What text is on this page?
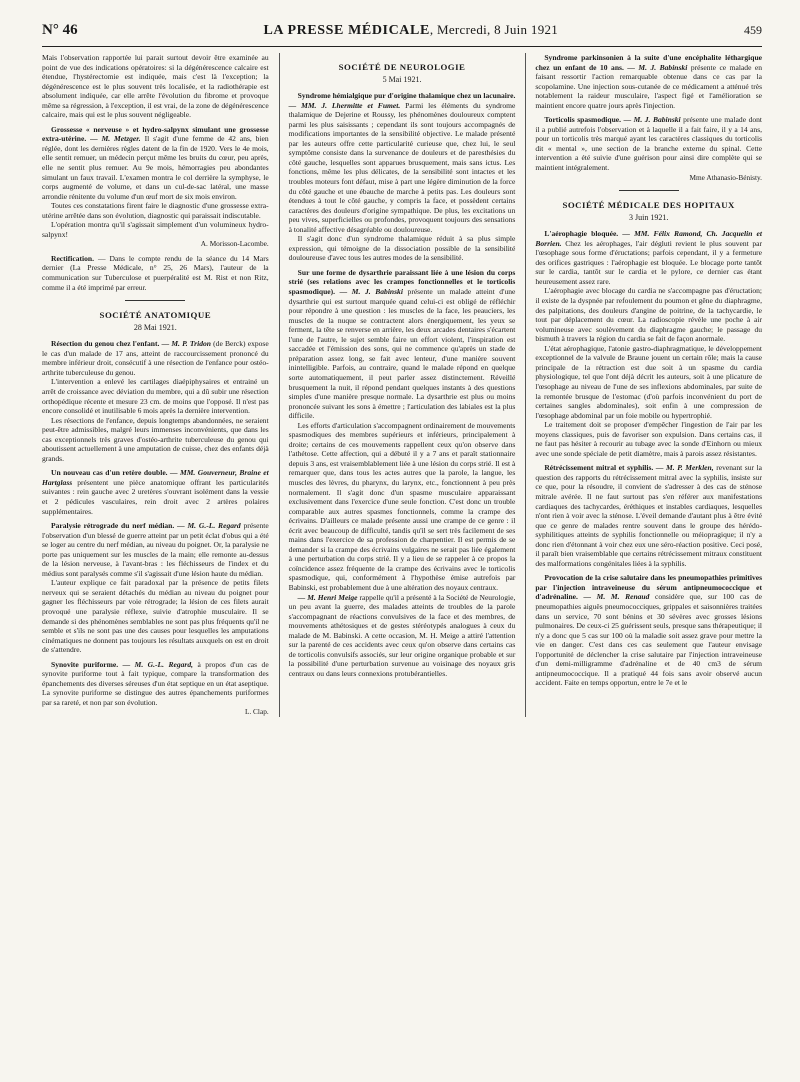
N° 46	LA PRESSE MÉDICALE, Mercredi, 8 Juin 1921	459

Mais l'observation rapportée lui parait surtout devoir être examinée au point de vue des indications opératoires: si la dégénérescence calcaire est étendue, l'hystérectomie est indiquée, mais c'est là l'exception; la dégénérescence est le plus souvent très localisée, et la radiothérapie est absolument indiquée, car elle arrête l'évolution du fibrome et provoque même sa régression, à l'exception, il est vrai, de la zone de dégénérescence calcaire, mais qui est le plus souvent négligeable.

Grossesse « nerveuse » et hydro-salpynx simulant une grossesse extra-utérine. — M. Metzger. Il s'agit d'une femme de 42 ans, bien réglée, dont les dernières règles datent de la fin de 1920. Vers le 4e mois, elle sentit remuer, un médecin perçut même les bruits du cœur, peu après, elle ne sentit plus remuer. Au 9e mois, hémorragies peu abondantes simulant un faux travail. L'examen montra le col derrière la symphyse, le corps augmenté de volume, et dans un cul-de-sac latéral, une masse arrondie rénitente du volume d'un œuf mort de six mois environ.

Toutes ces constatations firent faire le diagnostic d'une grossesse extra-utérine arrêtée dans son évolution, diagnostic qui paraissait indiscutable.

L'opération montra qu'il s'agissait simplement d'un volumineux hydro-salpynx!

A. Morisson-Lacombe.

Rectification. — Dans le compte rendu de la séance du 14 Mars dernier (La Presse Médicale, n° 25, 26 Mars), l'auteur de la communication sur Tuberculose et puerpéralité est M. Rist et non Ritz, comme il a été imprimé par erreur.

SOCIÉTÉ ANATOMIQUE
28 Mai 1921.

Résection du genou chez l'enfant. — M. P. Tridon (de Berck) expose le cas d'un malade de 17 ans, atteint de raccourcissement prononcé du membre inférieur droit, consécutif à une résection de l'enfance pour ostéo-arthrite tuberculeuse du genou.

L'intervention a enlevé les cartilages diaépiphysaires et entrainé un arrêt de croissance avec déviation du membre, qui a dû subir une résection orthopédique récente et mesure 23 cm. de moins que l'opposé. Il n'est pas encore consolidé et inutilisable 6 mois après la dernière intervention.

Les résections de l'enfance, depuis longtemps abandonnées, ne seraient peut-être admissibles, malgré leurs immenses inconvénients, que dans les cas exceptionnels très graves d'ostéo-arthrite tuberculeuse du genou qui aboutissent actuellement à une amputation de cuisse, chez des enfants déjà grands.

Un nouveau cas d'un retère double. — MM. Gouverneur, Braine et Hartglass présentent une pièce anatomique offrant les particularités suivantes : rein gauche avec 2 uretères s'ouvrant isolément dans la vessie et 2 pédicules vasculaires, rein droit avec 2 artères polaires supplémentaires.

Paralysie rétrograde du nerf médian. — M. G.-L. Regard présente l'observation d'un blessé de guerre atteint par un petit éclat d'obus qui a été se loger au centre du nerf médian, au niveau du poignet. Or, la paralysie ne porte pas uniquement sur les muscles de la main; elle remonte au-dessus de la lésion nerveuse, à l'avant-bras : les fléchisseurs de l'index et du médius sont paralysés comme s'il s'agissait d'une lésion haute du médian.

L'auteur explique ce fait paradoxal par la présence de petits filets nerveux qui se seraient détachés du médian au niveau du poignet pour gagner les fléchisseurs par voie rétrograde; la lésion de ces filets aurait provoqué une paralysie réflexe, suivie d'atrophie musculaire. Il se demande si des phénomènes semblables ne sont pas plus fréquents qu'il ne semble et s'ils ne sont pas une des causes pour lesquelles les amputations cinématiques ne donnent pas toujours les résultats auxquels on est en droit de s'attendre.

Synovite puriforme. — M. G.-L. Regard, à propos d'un cas de synovite puriforme tout à fait typique, compare la transformation des épanchements des diverses séreuses d'un état septique en un état aseptique. La synovite puriforme se distingue des autres épanchements puriformes par sa rareté, et non par son évolution.

L. Clap.

SOCIÉTÉ DE NEUROLOGIE
5 Mai 1921.

Syndrome hémialgique pur d'origine thalamique chez un lacunaire. — MM. J. Lhermitte et Fumet. Parmi les éléments du syndrome thalamique de Dejerine et Roussy, les phénomènes douloureux comptent parmi les plus saisissants ; cependant ils sont toujours accompagnés de modifications importantes de la sensibilité objective. Le malade présenté par les auteurs offre cette particularité curieuse que, chez lui, le seul symptôme consiste dans la survenance de douleurs et de paresthésies du côté gauche, lesquelles sont apparues brusquement, mais sans ictus. Les fonctions, même les plus délicates, de la sensibilité sont intactes et les troubles moteurs font défaut, mise à part une légère diminution de la force du côté gauche et une ébauche de marche à petits pas. Les douleurs sont étendues à tout le côté gauche, y compris la face, et possèdent certains caractères des douleurs d'origine sympathique. De plus, les excitations un peu vives, superficielles ou profondes, provoquent toujours des sensations à tonalité affective désagréable ou douloureuse.

Il s'agit donc d'un syndrome thalamique réduit à sa plus simple expression, qui témoigne de la dissociation possible de la sensibilité douloureuse d'avec tous les autres modes de la sensibilité.

Sur une forme de dysarthrie paraissant liée à une lésion du corps strié (ses relations avec les crampes fonctionnelles et le torticolis spasmodique). — M. J. Babinski présente un malade atteint d'une dysarthrie qui est surtout marquée quand celui-ci est obligé de réfléchir pour répondre à une question : les muscles de la face, les peauciers, les muscles de la nuque se contractent alors énergiquement, les yeux se ferment, la tête se renverse en arrière, les deux arcades dentaires s'écartent l'une de l'autre, le sujet semble faire un effort violent, l'inspiration est saccadée et l'émission des sons, qui ne commence qu'après un stade de préparation assez long, se fait avec lenteur, d'une manière souvent inintelligible. Parfois, au contraire, quand le malade répond en quelque sorte automatiquement, il peut parler assez distinctement. Réveillé brusquement la nuit, il répond pendant quelques instants à des questions simples d'une manière presque normale. La dysarthrie est plus ou moins prononcée suivant les sons à émettre ; l'articulation des labiales est la plus difficile.

Les efforts d'articulation s'accompagnent ordinairement de mouvements spasmodiques des membres supérieurs et inférieurs, principalement à droite; certains de ces mouvements rappellent ceux qu'on observe dans l'athétose. Cette affection, qui a débuté il y a 7 ans et paraît stationnaire depuis 3 ans, est vraisemblablement liée à une lésion du corps strié. Il est à remarquer que, dans tous les actes autres que la parole, la langue, les muscles des lèvres, du pharynx, du larynx, etc., fonctionnent à peu près normalement. Il s'agit donc d'un spasme musculaire apparaissant exclusivement dans l'exercice d'une seule fonction. C'est donc un trouble comparable aux autres spasmes fonctionnels, comme la crampe des écrivains. D'ailleurs ce malade présente aussi une crampe de ce genre : il écrit avec beaucoup de difficulté, tandis qu'il se sert très facilement de ses mains dans l'exercice de sa profession de charpentier. Il est permis de se demander si la crampe des écrivains vulgaires ne serait pas liée également à une perturbation du corps strié. Il y a lieu de se rappeler à ce propos la coïncidence assez fréquente de la crampe des écrivains avec le torticolis spasmodique, qui, conformément à l'hypothèse émise autrefois par Babinski, est probablement due à une altération des noyaux centraux.

— M. Henri Meige rappelle qu'il a présenté à la Société de Neurologie, un peu avant la guerre, des malades atteints de troubles de la parole s'accompagnant de réactions convulsives de la face et des membres, de mouvements athétosiques et de gestes stéréotypés analogues à ceux du malade de M. Babinski. A cette occasion, M. H. Meige a attiré l'attention sur la parenté de ces accidents avec ceux qu'on observe dans certains cas de torticolis convulsifs associés, sur leur origine organique probable et sur la possibilité d'une perturbation survenue au voisinage des noyaux gris centraux ou dans leurs connexions protubérantielles.

Syndrome parkinsonien à la suite d'une encéphalite léthargique chez un enfant de 10 ans. — M. J. Babinski présente ce malade en faisant ressortir l'action remarquable obtenue dans ce cas par la scopolamine. Une injection sous-cutanée de ce médicament a atténué très notablement la raideur musculaire, l'aspect figé et l'amélioration se maintient encore quatre jours après l'injection.

Torticolis spasmodique. — M. J. Babinski présente une malade dont il a publié autrefois l'observation et à laquelle il a fait faire, il y a 14 ans, pour un torticolis très marqué ayant les caractères classiques du torticolis dit « mental », une section de la branche externe du spinal. Cette intervention a été suivie d'une guérison pour ainsi dire complète qui se maintient intégralement.

Mme Athanasio-Bénisty.

SOCIÉTÉ MÉDICALE DES HOPITAUX
3 Juin 1921.

L'aérophagie bloquée. — MM. Félix Ramond, Ch. Jacquelin et Borrien. Chez les aérophages, l'air dégluti revient le plus souvent par l'œsophage sous forme d'éructations; parfois cependant, il y a fermeture des orifices gastriques : l'aérophagie est bloquée. Le blocage porte tantôt sur le cardia, tantôt sur le cardia et le pylore, ce dernier cas étant heureusement assez rare.

L'aérophagie avec blocage du cardia ne s'accompagne pas d'éructation; il existe de la dyspnée par refoulement du poumon et gêne du diaphragme, des palpitations, des douleurs d'angine de poitrine, de la tachycardie, le tout par déplacement du cœur. La radioscopie révèle une poche à air volumineuse avec soulèvement du diaphragme gauche; le passage du bismuth à travers la région du cardia se fait de façon anormale.

L'état aérophagique, l'atonie gastro-diaphragmatique, le développement exceptionnel de la valvule de Braune jouent un certain rôle; mais la cause principale de la rétraction est due soit à un spasme du cardia physiologique, tel que l'ont déjà décrit les auteurs, soit à une plicature de l'œsophage au niveau de l'une de ses inflexions abdominales, par suite de la remontée brusque de l'estomac (d'où parfois inconvénient du port de certaines sangles abdominales), soit enfin à une compression de l'œsophage abdominal par un foie mobile ou hypertrophié.

Le traitement doit se proposer d'empêcher l'ingestion de l'air par les moyens classiques, puis de favoriser son expulsion. Dans certains cas, il ne faut pas hésiter à recourir au tubage avec la sonde d'Einhorn ou mieux avec une sonde spéciale de petit diamètre, mais à parois assez résistantes.

Rétrécissement mitral et syphilis. — M. P. Merklen, revenant sur la question des rapports du rétrécissement mitral avec la syphilis, insiste sur ce que, pour la résoudre, il convient de s'adresser à des cas de sténose mitrale avérée. Il ne faut surtout pas s'en référer aux manifestations cardiaques des tachycardes, éréthiques et instables cardiaques, lesquelles n'ont rien à voir avec la sténose. L'éveil demande d'autant plus à être évité que ce genre de malades rentre souvent dans le groupe des hérédo-syphilitiques atteints de syphilis fonctionnelle ou méiopragique; il n'y a donc rien d'étonnant à voir chez eux une séro-réaction positive. Ceci posé, il paraît bien vraisemblable que certains rétrécissement mitraux constituent des malformations congénitales liées à la syphilis.

Provocation de la crise salutaire dans les pneumopathies primitives par l'injection intraveineuse du sérum antipneumococcique et d'adrénaline. — M. M. Renaud considère que, sur 100 cas de pneumopathies aiguës pneumococciques, grippales et saisonnières traitées dans un service, 70 sont bénins et 30 sévères avec grosses lésions pulmonaires. De ceux-ci 25 guérissent seuls, presque sans thérapeutique; il n'y a donc que 5 cas sur 100 où la maladie soit assez grave pour mettre la vie en danger. C'est dans ces cas seulement que l'auteur envisage l'opportunité de déclencher la crise salutaire par l'injection intraveineuse d'un demi-milligramme d'adrénaline et de 40 cm3 de sérum antipneumococcique. Il a pratiqué 44 fois sans avoir observé aucun accident. Faite en temps opportun, entre le 7e et le
